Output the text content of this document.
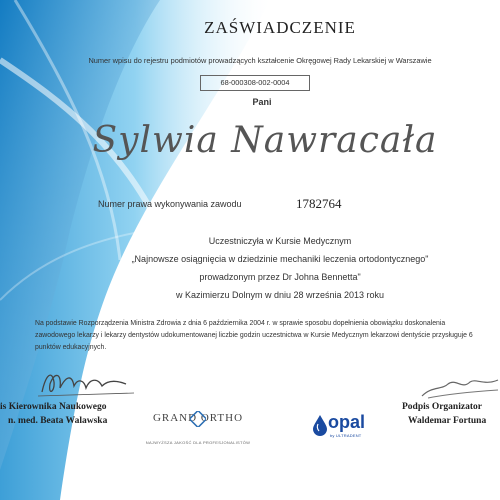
ZAŚWIADCZENIE
Numer wpisu do rejestru podmiotów prowadzących kształcenie Okręgowej Rady Lekarskiej w Warszawie
68-000308-002-0004
Pani
Sylwia Nawracała
Numer prawa wykonywania zawodu	1782764
Uczestniczyła w Kursie Medycznym
„Najnowsze osiągnięcia w dziedzinie mechaniki leczenia ortodontycznego"
prowadzonym przez Dr Johna Bennetta"
w Kazimierzu Dolnym w dniu 28 września 2013 roku
Na podstawie Rozporządzenia Ministra Zdrowia z dnia 6 października 2004 r. w sprawie sposobu dopełnienia obowiązku doskonalenia zawodowego lekarzy i lekarzy dentystów udokumentowanej liczbie godzin uczestnictwa w Kursie Medycznym lekarzowi dentyście przysługuje 6 punktów edukacyjnych.
is Kierownika Naukowego
n. med. Beata Walawska
Podpis Organizator
Waldemar Fortuna
GRAND ORTHO
NAJWYŻSZA JAKOŚĆ DLA PROFESJONALISTÓW
opal
by ULTRADENT
